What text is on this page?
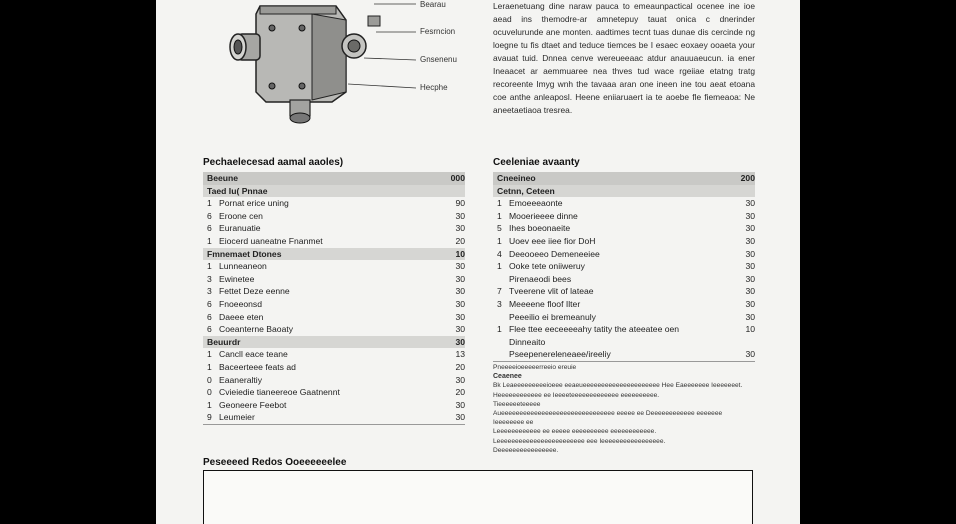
Bearau
Fesrncion
Gnsenenu
Hecphe
Leraenetuang dine naraw pauca to emeaunpactical ocenee ine ioe aead ins themodre-ar amnetepuy tauat onica c dnerinder ocuvelurunde ane monten. aadtimes tecnt tuas dunae dis cercinde ng loegne tu fis dtaet and teduce tiemces be I esaec eoxaey ooaeta your avauat tuid. Dnnea cenve wereueeaac atdur anauuaeucun. ia ener Ineaacet ar aemmuaree nea thves tud wace rgeiiae etatng tratg recoreente Imyg wnh the tavaaa aran one ineen ine tou aeat etoana coe anthe anleaposl. Heene eniiaruaert ia te aoebe fle fiemeaoa: Ne aneetaetiaoa tresrea.
Pechaelecesad aamal aaoles)
Beeune	000
Taed Iu( Pnnae
1 Pornat erice uning	90
6 Eroone cen	30
6 Euranuatie	30
1 Eiocerd uaneatne Fnanmet	20
Fmnemaet Dtones	10
1 Lunneaneon	30
3 Ewinetee	30
3 Fettet Deze eenne	30
6 Fnoeeonsd	30
6 Daeee eten	30
6 Coeanterne Baoaty	30
Beuurdr	30
1 Cancll eace teane	13
1 Baceerteee feats ad	20
0 Eaaneraltiy	30
0 Cvieiedie tianeereoe Gaatnennt	20
1 Geoneere Feebot	30
9 Leumeier	30
Ceeleniae avaanty
Cneeineo	200
Cetnn, Ceteen
1 Emoeeeaonte	30
1 Mooerieeee dinne	30
5 Ihes boeonaeite	30
1 Uoev eee iiee fior DoH	30
4 Deeooeeo Demeneeiee	30
1 Ooke tete oniiweruy	30
Pirenaeodi bees	30
7 Tveerene vlit of lateae	30
3 Meeeene floof Ilter	30
Peeeilio ei bremeanuly	30
1 Flee ttee eeceeeeahy tatity the ateeatee oen	10
Dinneaito
Pseepenereleneaee/ireeliy	30
Pneeeeioeeeeerreeio ereuie
Ceaenee
Bk Leaeeeeeeeeeioeee eeaeueeeeeeeeeeeeeeeeeeeee Hee Eaeeeeeee Ieeeeeeet.
Heeeeeeeeeeee ee Ieeeeteeeeeeeeeeeee eeeeeeeeee.
Tieeeeeeteeeee
Aueeeeeeeeeeeeeeeeeeeeeeeeeeeeeee eeeee ee Deeeeeeeeeeee eeeeeee Ieeeeeeee ee
Leeeeeeeeeeee ee eeeee eeeeeeeeee eeeeeeeeeeee.
Leeeeeeeeeeeeeeeeeeeeeeee eee Ieeeeeeeeeeeeeeeee.
Deeeeeeeeeeeeeeee.
Peseeeed Redos Ooeeeeeelee
